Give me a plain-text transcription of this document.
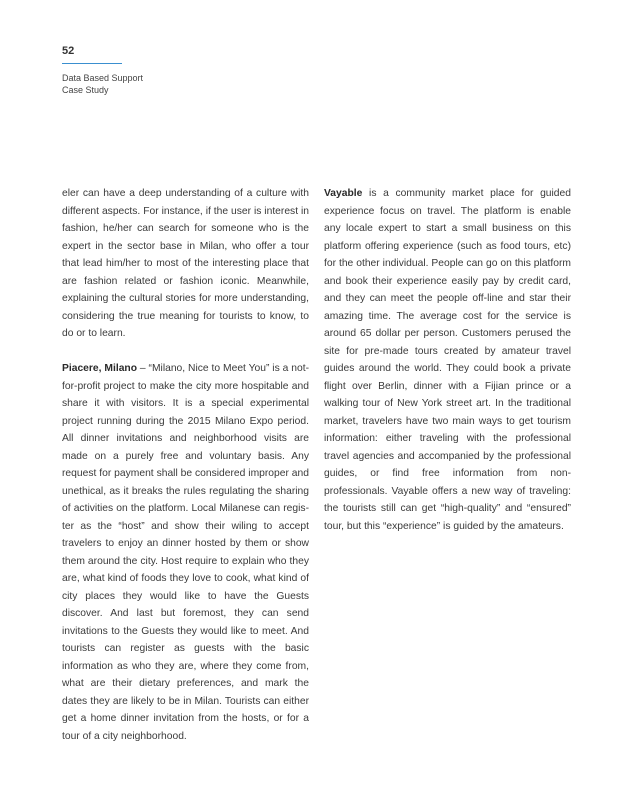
52
Data Based Support
Case Study

eler can have a deep understanding of a culture with different aspects. For instance, if the user is interest in fashion, he/her can search for someone who is the expert in the sector base in Milan, who offer a tour that lead him/her to most of the interesting place that are fashion related or fashion iconic. Meanwhile, explaining the cultural stories for more understanding, considering the true meaning for tourists to know, to do or to learn.

Piacere, Milano – “Milano, Nice to Meet You” is a not-for-profit project to make the city more hospitable and share it with visitors. It is a special experimental project running during the 2015 Milano Expo period. All dinner invitations and neighborhood visits are made on a purely free and voluntary basis. Any request for payment shall be considered improper and unethical, as it breaks the rules regulating the sharing of activities on the platform. Local Milanese can register as the “host” and show their wiling to accept travelers to enjoy an dinner hosted by them or show them around the city. Host require to explain who they are, what kind of foods they love to cook, what kind of city places they would like to have the Guests discover. And last but foremost, they can send invitations to the Guests they would like to meet. And tourists can register as guests with the basic information as who they are, where they come from, what are their dietary preferences, and mark the dates they are likely to be in Milan. Tourists can either get a home dinner invitation from the hosts, or for a tour of a city neighborhood.

Vayable is a community market place for guided experience focus on travel. The platform is enable any locale expert to start a small business on this platform offering experience (such as food tours, etc) for the other individual. People can go on this platform and book their experience easily pay by credit card, and they can meet the people off-line and star their amazing time. The average cost for the service is around 65 dollar per person. Customers perused the site for pre-made tours created by amateur travel guides around the world. They could book a private flight over Berlin, dinner with a Fijian prince or a walking tour of New York street art. In the traditional market, travelers have two main ways to get tourism information: either traveling with the professional travel agencies and accompanied by the professional guides, or find free information from non-professionals. Vayable offers a new way of traveling: the tourists still can get “high-quality” and “ensured” tour, but this “experience” is guided by the amateurs.
